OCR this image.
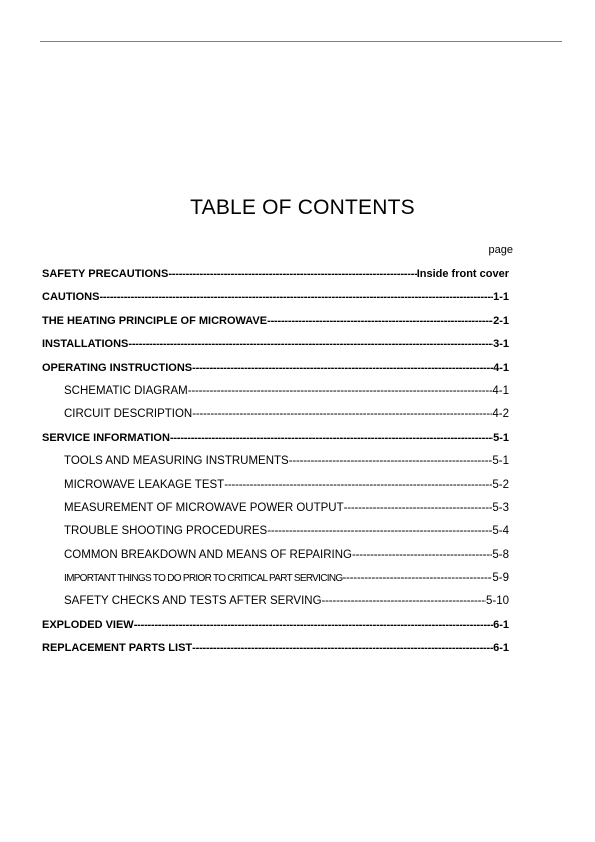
TABLE OF CONTENTS
page
SAFETY PRECAUTIONS -----	Inside front cover
CAUTIONS -----	1-1
THE HEATING PRINCIPLE OF MICROWAVE -----	2-1
INSTALLATIONS -----	3-1
OPERATING INSTRUCTIONS -----	4-1
SCHEMATIC DIAGRAM -----	4-1
CIRCUIT DESCRIPTION -----	4-2
SERVICE INFORMATION -----	5-1
TOOLS AND MEASURING INSTRUMENTS -----	5-1
MICROWAVE LEAKAGE TEST -----	5-2
MEASUREMENT OF MICROWAVE POWER OUTPUT -----	5-3
TROUBLE SHOOTING PROCEDURES -----	5-4
COMMON BREAKDOWN AND MEANS OF REPAIRING -----	5-8
IMPORTANT THINGS TO DO PRIOR TO CRITICAL PART SERVICING -----	5-9
SAFETY CHECKS AND TESTS AFTER SERVING -----	5-10
EXPLODED VIEW -----	6-1
REPLACEMENT PARTS LIST -----	6-1
